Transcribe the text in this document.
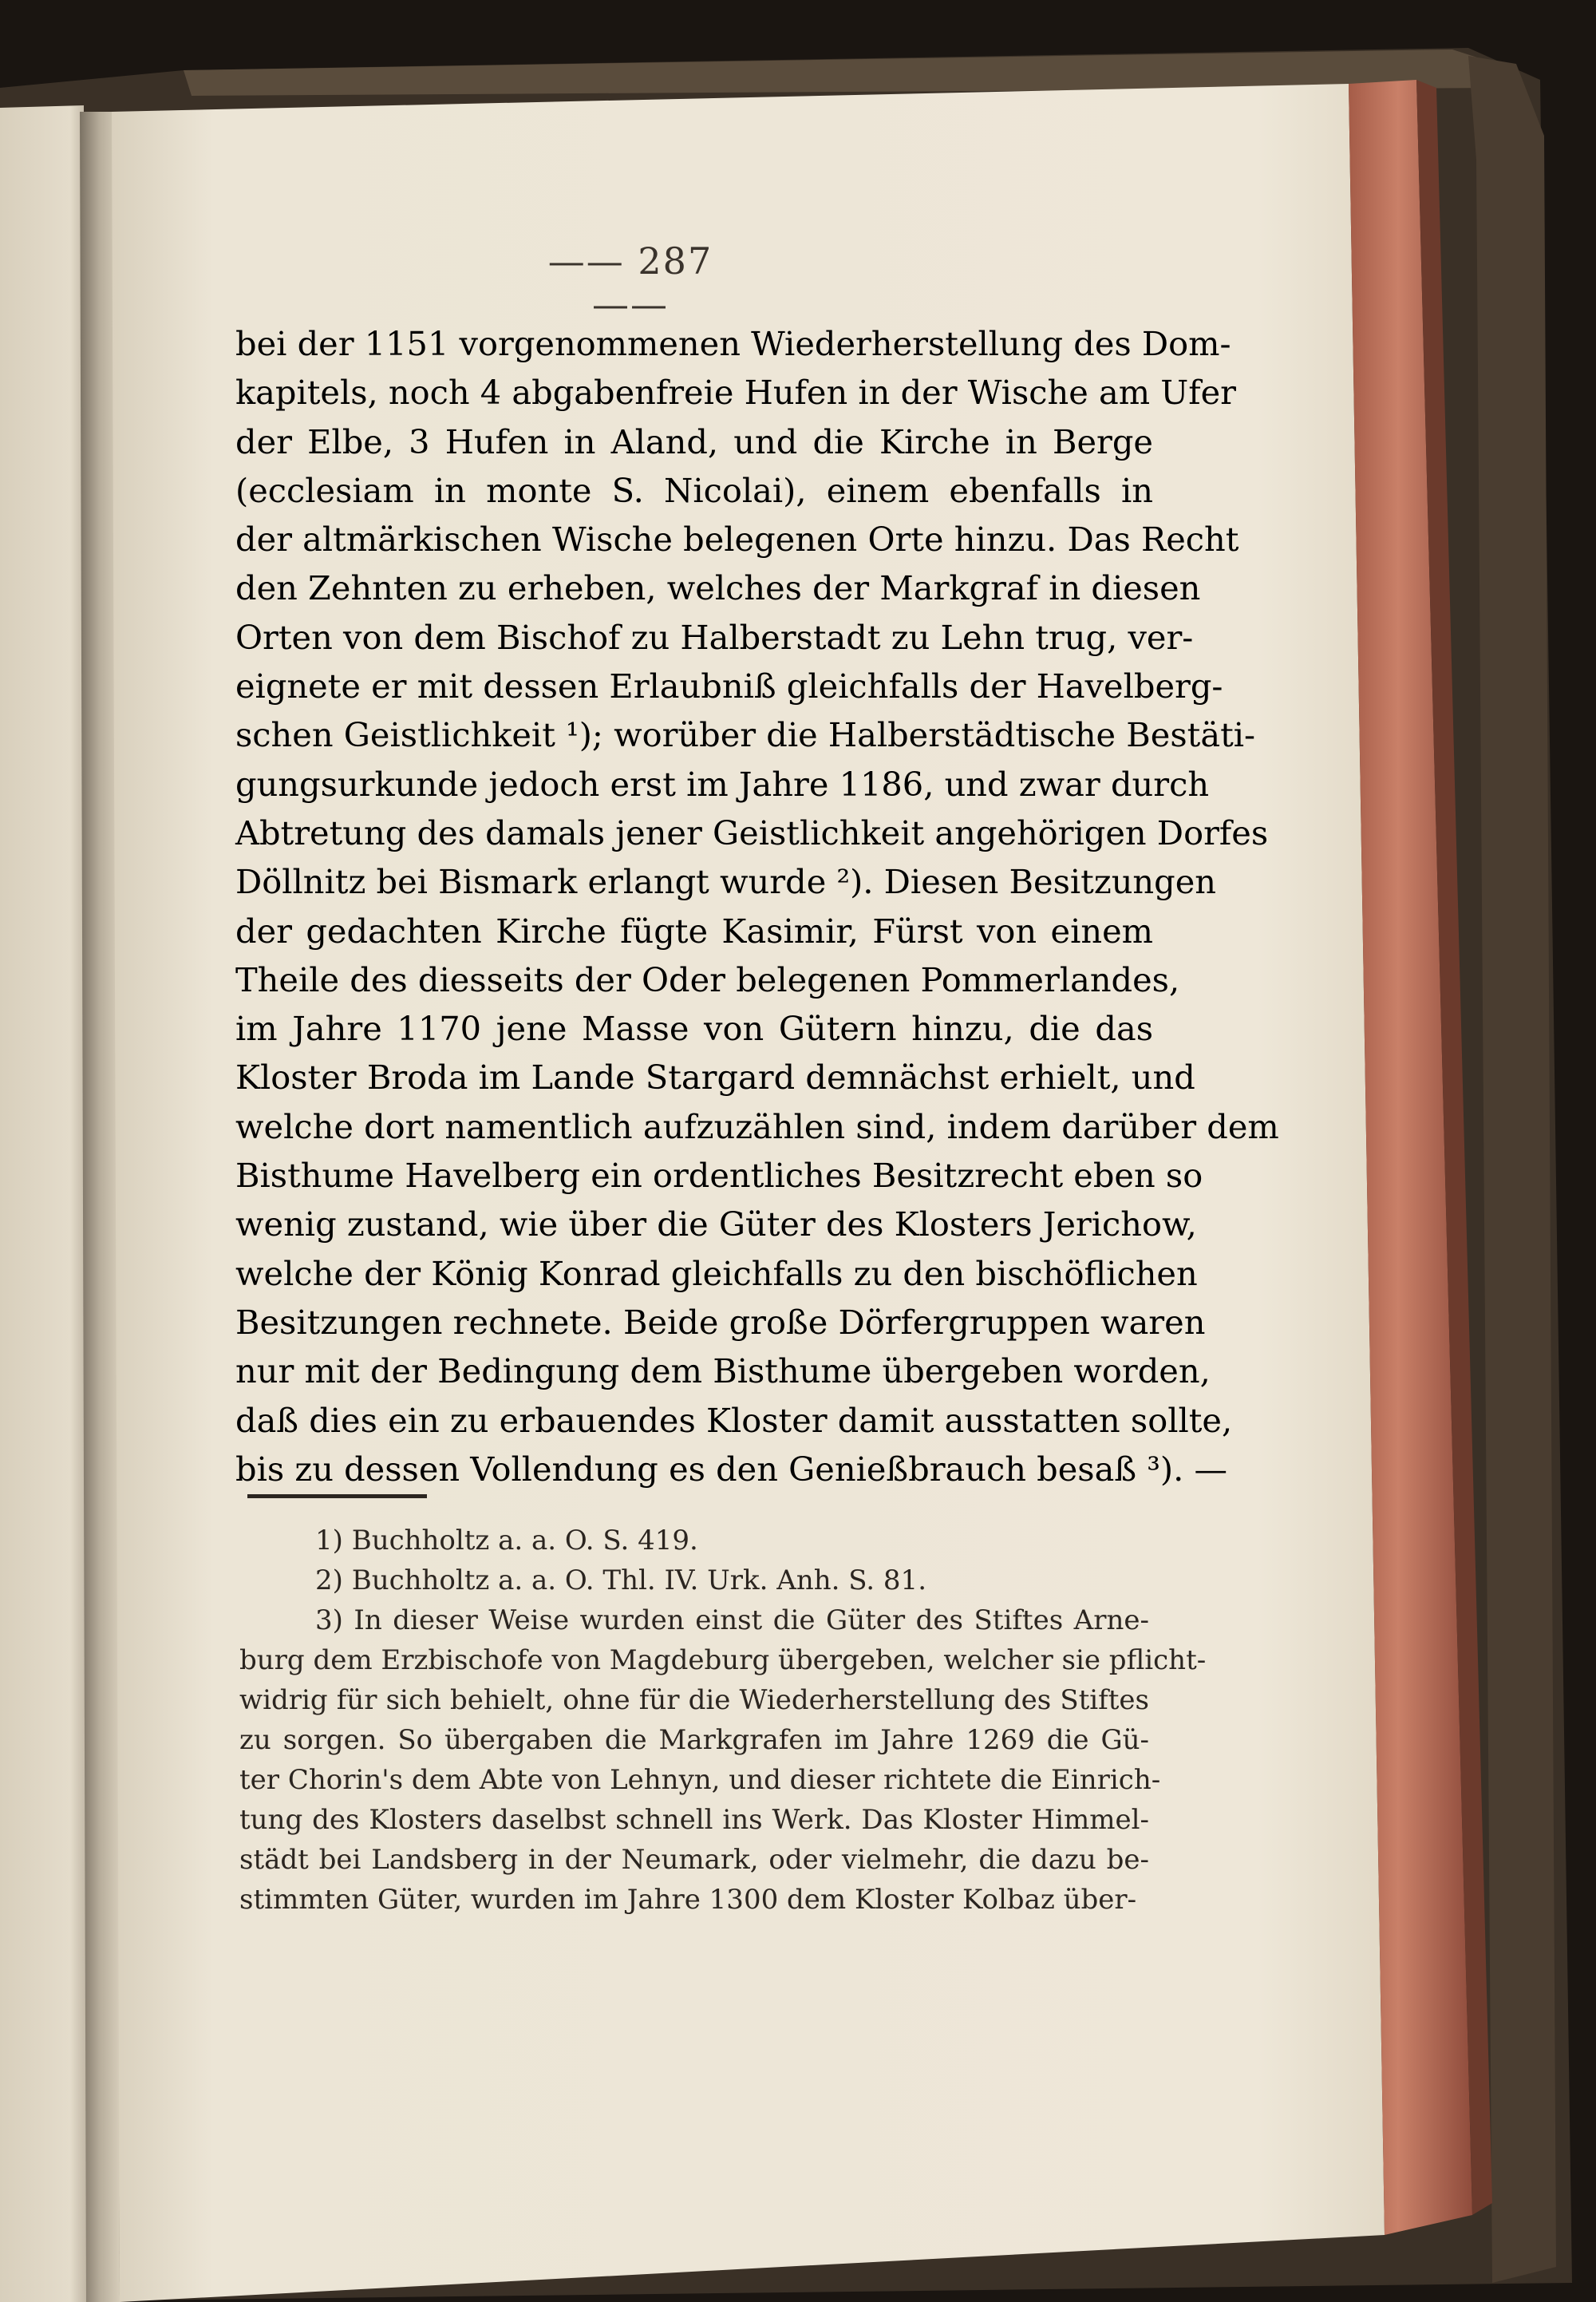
—— 287 ——
bei der 1151 vorgenommenen Wiederherstellung des Dom-
kapitels, noch 4 abgabenfreie Hufen in der Wische am Ufer
der Elbe, 3 Hufen in Aland, und die Kirche in Berge
(ecclesiam in monte S. Nicolai), einem ebenfalls in
der altmärkischen Wische belegenen Orte hinzu. Das Recht
den Zehnten zu erheben, welches der Markgraf in diesen
Orten von dem Bischof zu Halberstadt zu Lehn trug, ver-
eignete er mit dessen Erlaubniß gleichfalls der Havelberg-
schen Geistlichkeit ¹); worüber die Halberstädtische Bestäti-
gungsurkunde jedoch erst im Jahre 1186, und zwar durch
Abtretung des damals jener Geistlichkeit angehörigen Dorfes
Döllnitz bei Bismark erlangt wurde ²). Diesen Besitzungen
der gedachten Kirche fügte Kasimir, Fürst von einem
Theile des diesseits der Oder belegenen Pommerlandes,
im Jahre 1170 jene Masse von Gütern hinzu, die das
Kloster Broda im Lande Stargard demnächst erhielt, und
welche dort namentlich aufzuzählen sind, indem darüber dem
Bisthume Havelberg ein ordentliches Besitzrecht eben so
wenig zustand, wie über die Güter des Klosters Jerichow,
welche der König Konrad gleichfalls zu den bischöflichen
Besitzungen rechnete. Beide große Dörfergruppen waren
nur mit der Bedingung dem Bisthume übergeben worden,
daß dies ein zu erbauendes Kloster damit ausstatten sollte,
bis zu dessen Vollendung es den Genießbrauch besaß ³). —
1) Buchholtz a. a. O. S. 419.
2) Buchholtz a. a. O. Thl. IV. Urk. Anh. S. 81.
3) In dieser Weise wurden einst die Güter des Stiftes Arne-
burg dem Erzbischofe von Magdeburg übergeben, welcher sie pflicht-
widrig für sich behielt, ohne für die Wiederherstellung des Stiftes
zu sorgen. So übergaben die Markgrafen im Jahre 1269 die Gü-
ter Chorin's dem Abte von Lehnyn, und dieser richtete die Einrich-
tung des Klosters daselbst schnell ins Werk. Das Kloster Himmel-
städt bei Landsberg in der Neumark, oder vielmehr, die dazu be-
stimmten Güter, wurden im Jahre 1300 dem Kloster Kolbaz über-
